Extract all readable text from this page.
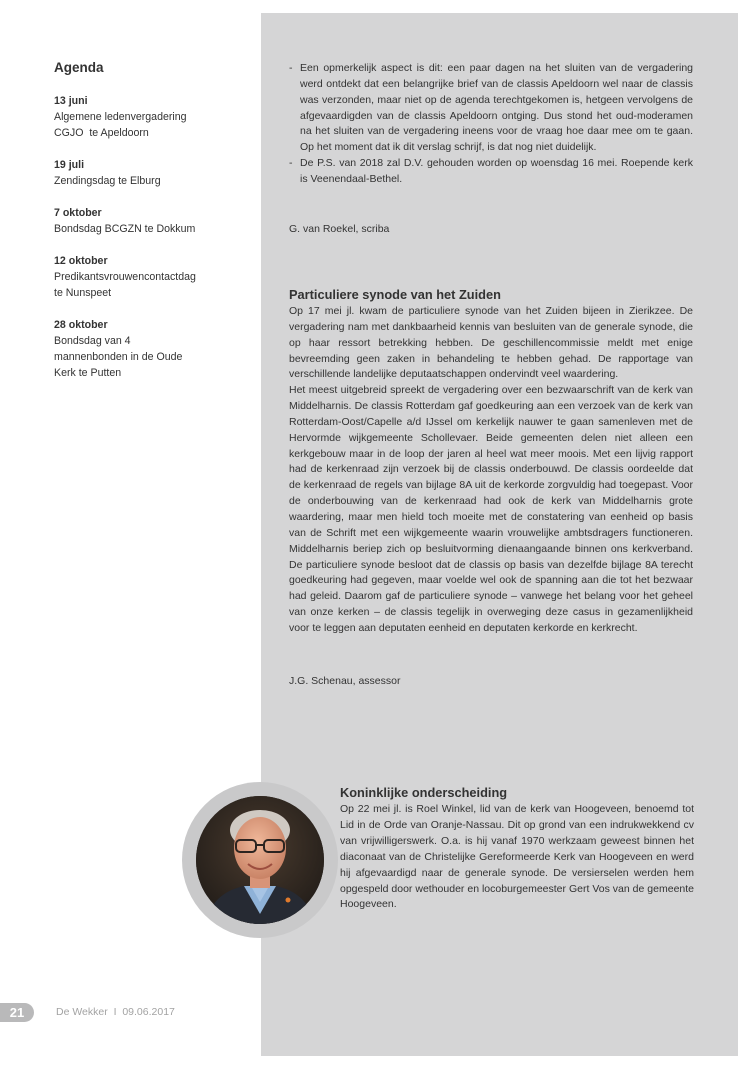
Agenda
13 juni
Algemene ledenvergadering
CGJO  te Apeldoorn
19 juli
Zendingsdag te Elburg
7 oktober
Bondsdag BCGZN te Dokkum
12 oktober
Predikantsvrouwencontactdag
te Nunspeet
28 oktober
Bondsdag van 4
mannenbonden in de Oude
Kerk te Putten
- Een opmerkelijk aspect is dit: een paar dagen na het sluiten van de vergadering werd ontdekt dat een belangrijke brief van de classis Apeldoorn wel naar de classis was verzonden, maar niet op de agenda terechtgekomen is, hetgeen vervolgens de afgevaardigden van de classis Apeldoorn ontging. Dus stond het oud-moderamen na het sluiten van de vergadering ineens voor de vraag hoe daar mee om te gaan. Op het moment dat ik dit verslag schrijf, is dat nog niet duidelijk.
- De P.S. van 2018 zal D.V. gehouden worden op woensdag 16 mei. Roepende kerk is Veenendaal-Bethel.
G. van Roekel, scriba
Particuliere synode van het Zuiden

Op 17 mei jl. kwam de particuliere synode van het Zuiden bijeen in Zierikzee. De vergadering nam met dankbaarheid kennis van besluiten van de generale synode, die op haar ressort betrekking hebben. De geschillencommissie meldt met enige bevreemding geen zaken in behandeling te hebben gehad. De rapportage van verschillende landelijke deputaatschappen ondervindt veel waardering.

Het meest uitgebreid spreekt de vergadering over een bezwaarschrift van de kerk van Middelharnis. De classis Rotterdam gaf goedkeuring aan een verzoek van de kerk van Rotterdam-Oost/Capelle a/d IJssel om kerkelijk nauwer te gaan samenleven met de Hervormde wijkgemeente Schollevaer. Beide gemeenten delen niet alleen een kerkgebouw maar in de loop der jaren al heel wat meer moois. Met een lijvig rapport had de kerkenraad zijn verzoek bij de classis onderbouwd. De classis oordeelde dat de kerkenraad de regels van bijlage 8A uit de kerkorde zorgvuldig had toegepast. Voor de onderbouwing van de kerkenraad had ook de kerk van Middelharnis grote waardering, maar men hield toch moeite met de constatering van eenheid op basis van de Schrift met een wijkgemeente waarin vrouwelijke ambtsdragers functioneren. Middelharnis beriep zich op besluitvorming dienaangaande binnen ons kerkverband. De particuliere synode besloot dat de classis op basis van dezelfde bijlage 8A terecht goedkeuring had gegeven, maar voelde wel ook de spanning aan die tot het bezwaar had geleid. Daarom gaf de particuliere synode – vanwege het belang voor het geheel van onze kerken – de classis tegelijk in overweging deze casus in gezamenlijkheid voor te leggen aan deputaten eenheid en deputaten kerkorde en kerkrecht.

J.G. Schenau, assessor
Koninklijke onderscheiding

Op 22 mei jl. is Roel Winkel, lid van de kerk van Hoogeveen, benoemd tot Lid in de Orde van Oranje-Nassau. Dit op grond van een indrukwekkend cv van vrijwilligerswerk. O.a. is hij vanaf 1970 werkzaam geweest binnen het diaconaat van de Christelijke Gereformeerde Kerk van Hoogeveen en werd hij afgevaardigd naar de generale synode. De versierselen werden hem opgespeld door wethouder en locoburgemeester Gert Vos van de gemeente Hoogeveen.

21	De Wekker  I  09.06.2017
